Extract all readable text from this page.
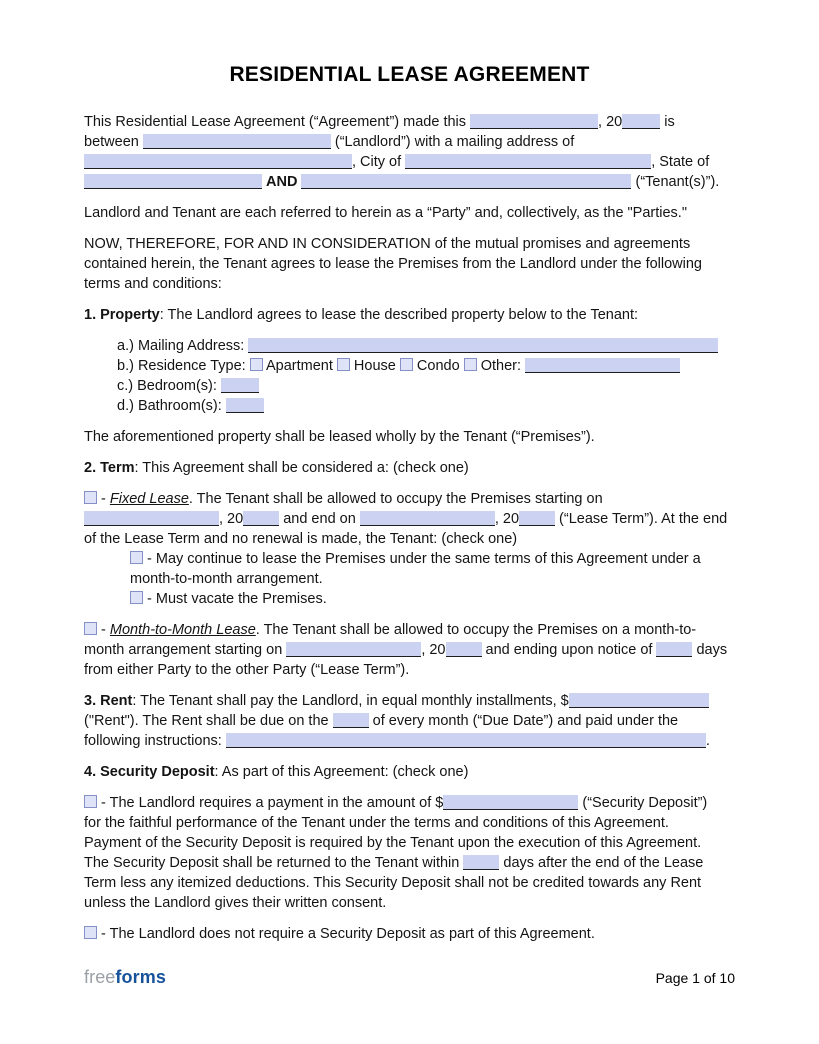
RESIDENTIAL LEASE AGREEMENT

This Residential Lease Agreement (“Agreement”) made this	, 20	is
between	(“Landlord”) with a mailing address of
, City of	, State of
AND	(“Tenant(s)”).

Landlord and Tenant are each referred to herein as a “Party” and, collectively, as the "Parties."

NOW, THEREFORE, FOR AND IN CONSIDERATION of the mutual promises and agreements
contained herein, the Tenant agrees to lease the Premises from the Landlord under the following
terms and conditions:

1. Property: The Landlord agrees to lease the described property below to the Tenant:

a.) Mailing Address:

b.) Residence Type:  Apartment  House  Condo  Other:

c.) Bedroom(s):

d.) Bathroom(s):

The aforementioned property shall be leased wholly by the Tenant (“Premises”).

2. Term: This Agreement shall be considered a: (check one)

- Fixed Lease. The Tenant shall be allowed to occupy the Premises starting on
, 20 and end on	, 20 (“Lease Term”). At the end
of the Lease Term and no renewal is made, the Tenant: (check one)

- May continue to lease the Premises under the same terms of this Agreement under a
month-to-month arrangement.

- Must vacate the Premises.

- Month-to-Month Lease. The Tenant shall be allowed to occupy the Premises on a month-to-
month arrangement starting on	, 20 and ending upon notice of  days
from either Party to the other Party (“Lease Term”).

3. Rent: The Tenant shall pay the Landlord, in equal monthly installments, $
("Rent"). The Rent shall be due on the  of every month (“Due Date”) and paid under the
following instructions:	.

4. Security Deposit: As part of this Agreement: (check one)

- The Landlord requires a payment in the amount of $	(“Security Deposit”)
for the faithful performance of the Tenant under the terms and conditions of this Agreement.
Payment of the Security Deposit is required by the Tenant upon the execution of this Agreement.
The Security Deposit shall be returned to the Tenant within  days after the end of the Lease
Term less any itemized deductions. This Security Deposit shall not be credited towards any Rent
unless the Landlord gives their written consent.

- The Landlord does not require a Security Deposit as part of this Agreement.

freeforms	Page 1 of 10
